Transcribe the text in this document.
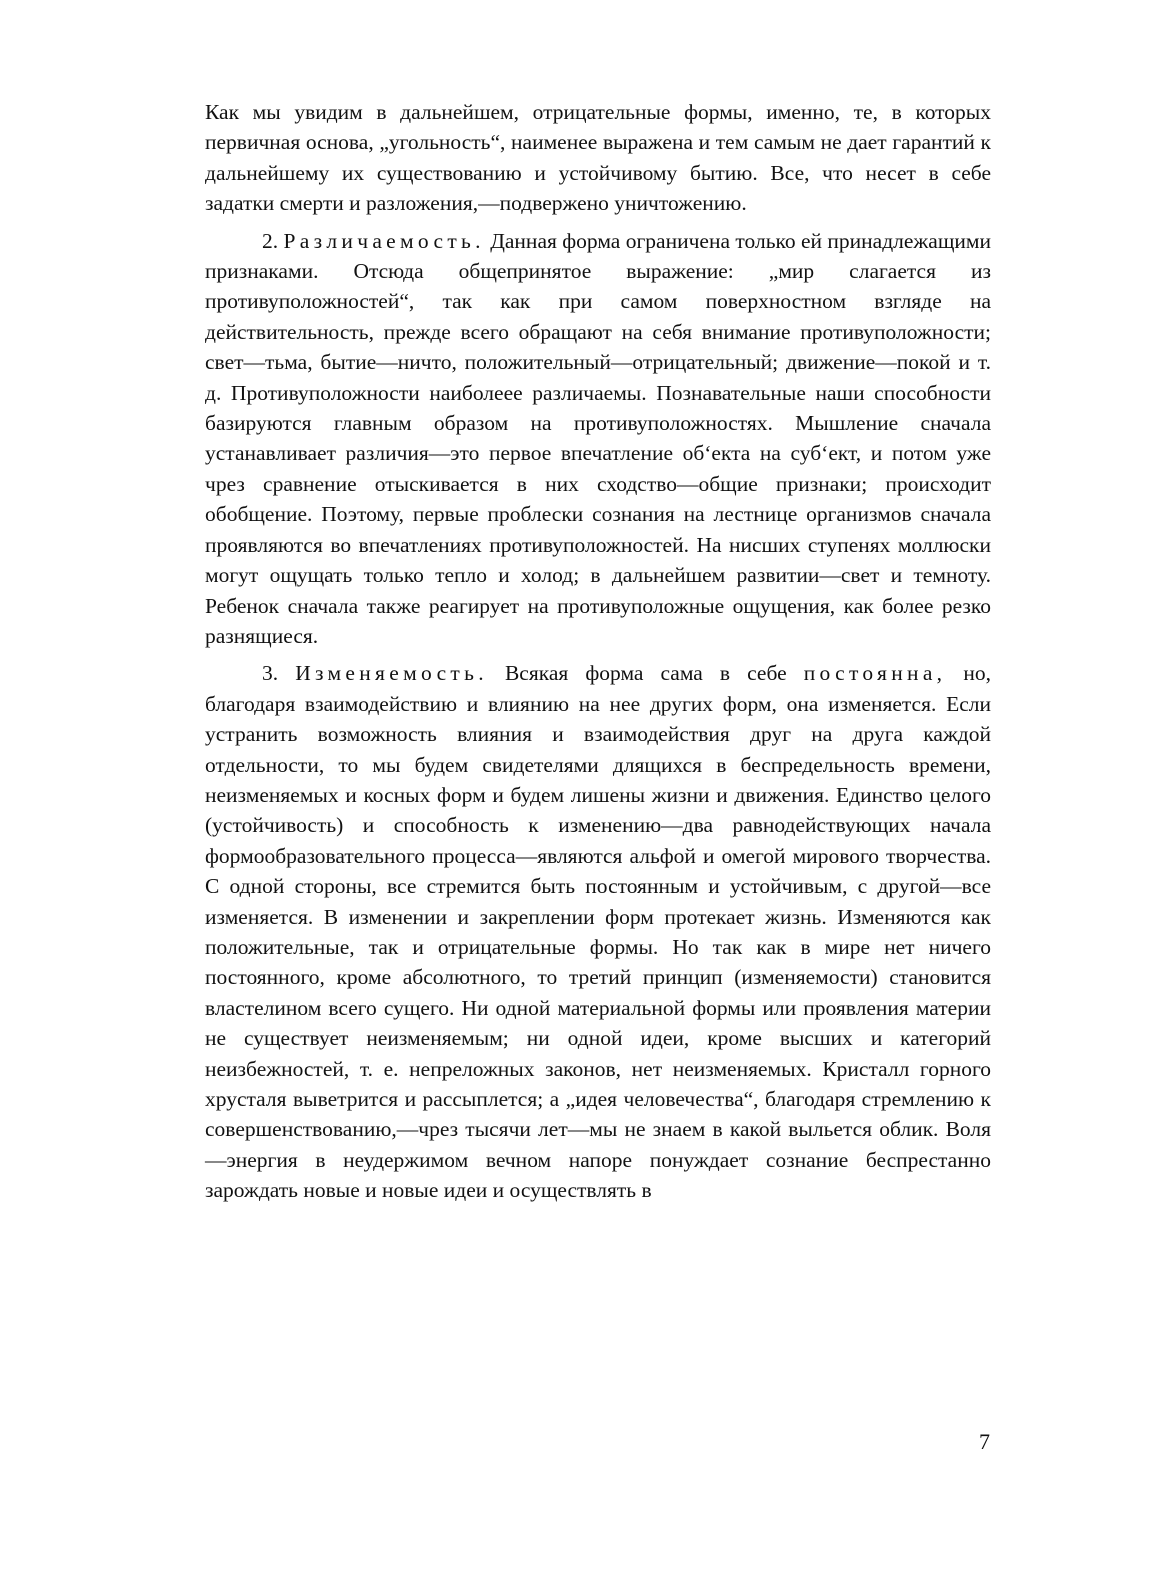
Как мы увидим в дальнейшем, отрицательные формы, именно, те, в которых первичная основа, „угольность“, наименее выражена и тем самым не дает гарантий к дальнейшему их существованию и устойчивому бытию. Все, что несет в себе задатки смерти и разложения,—подвержено уничтожению.

2. Различаемость. Данная форма ограничена только ей принадлежащими признаками. Отсюда общепринятое выражение: „мир слагается из противуположностей“, так как при самом поверхностном взгляде на действительность, прежде всего обращают на себя внимание противуположности; свет—тьма, бытие—ничто, положительный—отрицательный; движение—покой и т. д. Противуположности наиболеее различаемы. Познавательные наши способности базируются главным образом на противуположностях. Мышление сначала устанавливает различия—это первое впечатление об‘екта на суб‘ект, и потом уже чрез сравнение отыскивается в них сходство—общие признаки; происходит обобщение. Поэтому, первые проблески сознания на лестнице организмов сначала проявляются во впечатлениях противуположностей. На нисших ступенях моллюски могут ощущать только тепло и холод; в дальнейшем развитии—свет и темноту. Ребенок сначала также реагирует на противуположные ощущения, как более резко разнящиеся.

3. Изменяемость. Всякая форма сама в себе постоянна, но, благодаря взаимодействию и влиянию на нее других форм, она изменяется. Если устранить возможность влияния и взаимодействия друг на друга каждой отдельности, то мы будем свидетелями длящихся в беспредельность времени, неизменяемых и косных форм и будем лишены жизни и движения. Единство целого (устойчивость) и способность к изменению—два равнодействующих начала формообразовательного процесса—являются альфой и омегой мирового творчества. С одной стороны, все стремится быть постоянным и устойчивым, с другой—все изменяется. В изменении и закреплении форм протекает жизнь. Изменяются как положительные, так и отрицательные формы. Но так как в мире нет ничего постоянного, кроме абсолютного, то третий принцип (изменяемости) становится властелином всего сущего. Ни одной материальной формы или проявления материи не существует неизменяемым; ни одной идеи, кроме высших и категорий неизбежностей, т. е. непреложных законов, нет неизменяемых. Кристалл горного хрусталя выветрится и рассыплется; а „идея человечества“, благодаря стремлению к совершенствованию,—чрез тысячи лет—мы не знаем в какой выльется облик. Воля—энергия в неудержимом вечном напоре понуждает сознание беспрестанно зарождать новые и новые идеи и осуществлять в

7
